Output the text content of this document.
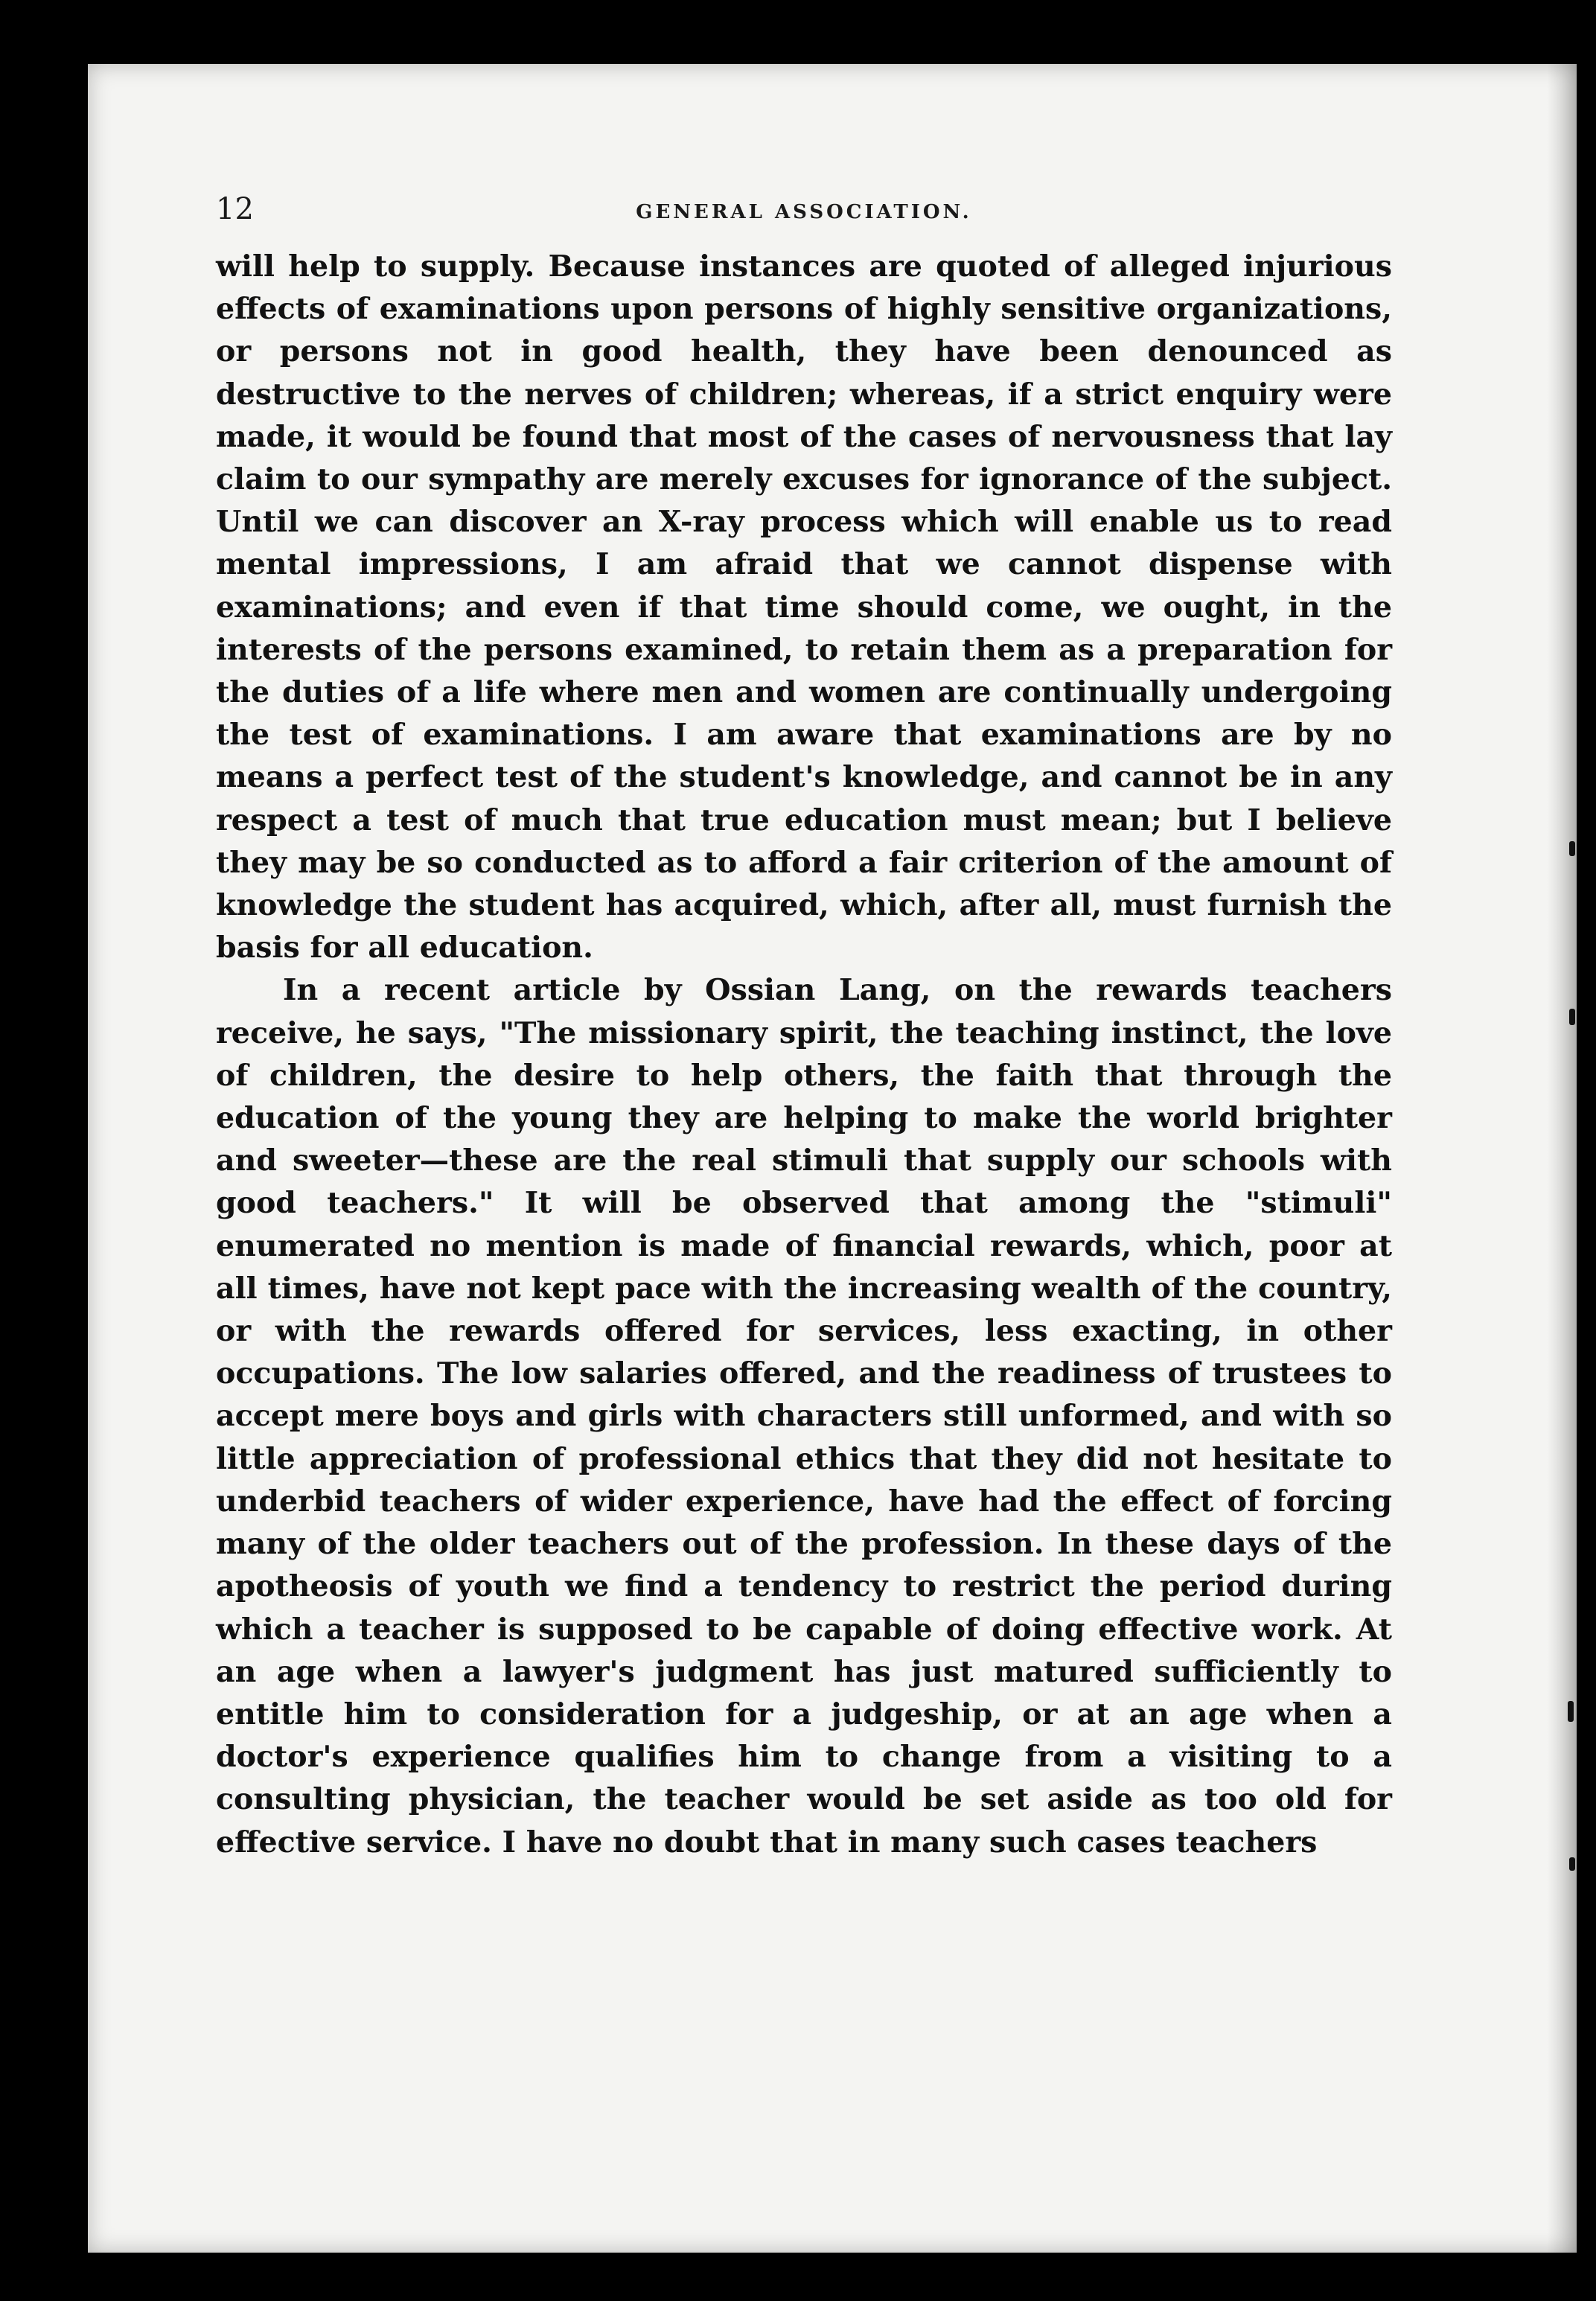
12	GENERAL ASSOCIATION.

will help to supply. Because instances are quoted of alleged injurious effects of examinations upon persons of highly sensitive organizations, or persons not in good health, they have been denounced as destructive to the nerves of children; whereas, if a strict enquiry were made, it would be found that most of the cases of nervousness that lay claim to our sympathy are merely excuses for ignorance of the subject. Until we can discover an X-ray process which will enable us to read mental impressions, I am afraid that we cannot dispense with examinations; and even if that time should come, we ought, in the interests of the persons examined, to retain them as a preparation for the duties of a life where men and women are continually undergoing the test of examinations. I am aware that examinations are by no means a perfect test of the student's knowledge, and cannot be in any respect a test of much that true education must mean; but I believe they may be so conducted as to afford a fair criterion of the amount of knowledge the student has acquired, which, after all, must furnish the basis for all education.

In a recent article by Ossian Lang, on the rewards teachers receive, he says, "The missionary spirit, the teaching instinct, the love of children, the desire to help others, the faith that through the education of the young they are helping to make the world brighter and sweeter—these are the real stimuli that supply our schools with good teachers." It will be observed that among the "stimuli" enumerated no mention is made of financial rewards, which, poor at all times, have not kept pace with the increasing wealth of the country, or with the rewards offered for services, less exacting, in other occupations. The low salaries offered, and the readiness of trustees to accept mere boys and girls with characters still unformed, and with so little appreciation of professional ethics that they did not hesitate to underbid teachers of wider experience, have had the effect of forcing many of the older teachers out of the profession. In these days of the apotheosis of youth we find a tendency to restrict the period during which a teacher is supposed to be capable of doing effective work. At an age when a lawyer's judgment has just matured sufficiently to entitle him to consideration for a judgeship, or at an age when a doctor's experience qualifies him to change from a visiting to a consulting physician, the teacher would be set aside as too old for effective service. I have no doubt that in many such cases teachers
